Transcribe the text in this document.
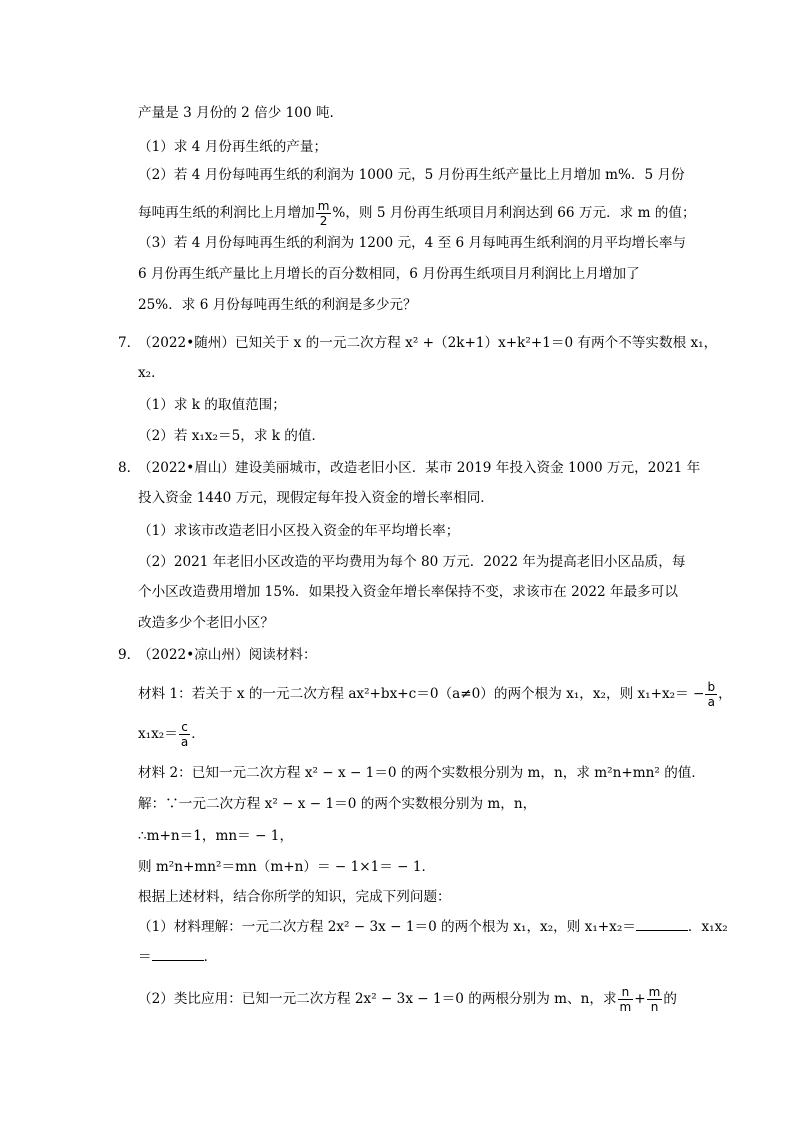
产量是 3 月份的 2 倍少 100 吨.
（1）求 4 月份再生纸的产量；
（2）若 4 月份每吨再生纸的利润为 1000 元，5 月份再生纸产量比上月增加 m%．5 月份
每吨再生纸的利润比上月增加 $\frac{m}{2}$ %，则 5 月份再生纸项目月利润达到 66 万元．求 m 的值；
（3）若 4 月份每吨再生纸的利润为 1200 元，4 至 6 月每吨再生纸利润的月平均增长率与
6 月份再生纸产量比上月增长的百分数相同，6 月份再生纸项目月利润比上月增加了
25%．求 6 月份每吨再生纸的利润是多少元？
7．
（2022•随州）已知关于 x 的一元二次方程 x² +（2k+1）x+k²+1＝0 有两个不等实数根 x₁，
x₂．
（1）求 k 的取值范围；
（2）若 x₁x₂＝5，求 k 的值．
8．
（2022•眉山）建设美丽城市，改造老旧小区．某市 2019 年投入资金 1000 万元，2021 年
投入资金 1440 万元，现假定每年投入资金的增长率相同．
（1）求该市改造老旧小区投入资金的年平均增长率；
（2）2021 年老旧小区改造的平均费用为每个 80 万元．2022 年为提高老旧小区品质，每
个小区改造费用增加 15%．如果投入资金年增长率保持不变，求该市在 2022 年最多可以
改造多少个老旧小区？
9．
（2022•凉山州）阅读材料：
材料 1：若关于 x 的一元二次方程 ax²+bx+c＝0（a≠0）的两个根为 x₁，x₂，则 $x_1+x_2= - \frac{b}{a}$ ，
$x_1x_2= \frac{c}{a}$ ．
材料 2：已知一元二次方程 x² − x − 1＝0 的两个实数根分别为 m，n，求 m²n+mn² 的值．
解：∵一元二次方程 x² − x − 1＝0 的两个实数根分别为 m，n，
∴m+n＝1，mn＝ − 1，
则 m²n+mn²＝mn（m+n）＝ − 1×1＝ − 1．
根据上述材料，结合你所学的知识，完成下列问题：
（1）材料理解：一元二次方程 2x² − 3x − 1＝0 的两个根为 x₁，x₂，则 x₁+x₂＝	．x₁x₂
＝	．
（2）类比应用：已知一元二次方程 2x² − 3x − 1＝0 的两根分别为 m、n，求 $\frac{n}{m} + \frac{m}{n}$ 的
